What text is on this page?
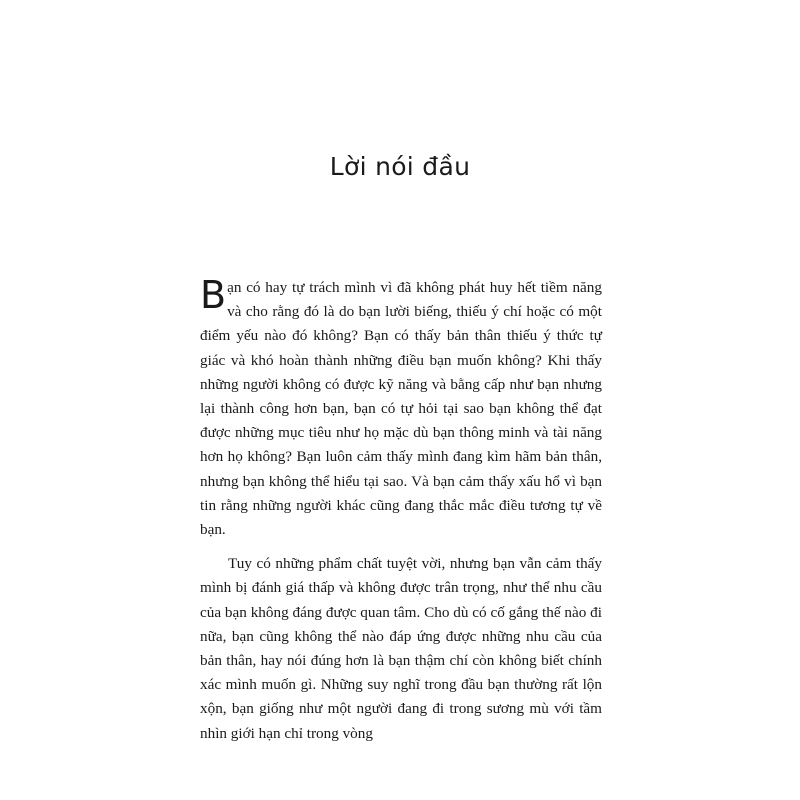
Lời nói đầu

Bạn có hay tự trách mình vì đã không phát huy hết tiềm năng và cho rằng đó là do bạn lười biếng, thiếu ý chí hoặc có một điểm yếu nào đó không? Bạn có thấy bản thân thiếu ý thức tự giác và khó hoàn thành những điều bạn muốn không? Khi thấy những người không có được kỹ năng và bằng cấp như bạn nhưng lại thành công hơn bạn, bạn có tự hỏi tại sao bạn không thể đạt được những mục tiêu như họ mặc dù bạn thông minh và tài năng hơn họ không? Bạn luôn cảm thấy mình đang kìm hãm bản thân, nhưng bạn không thể hiểu tại sao. Và bạn cảm thấy xấu hổ vì bạn tin rằng những người khác cũng đang thắc mắc điều tương tự về bạn.

Tuy có những phẩm chất tuyệt vời, nhưng bạn vẫn cảm thấy mình bị đánh giá thấp và không được trân trọng, như thể nhu cầu của bạn không đáng được quan tâm. Cho dù có cố gắng thế nào đi nữa, bạn cũng không thể nào đáp ứng được những nhu cầu của bản thân, hay nói đúng hơn là bạn thậm chí còn không biết chính xác mình muốn gì. Những suy nghĩ trong đầu bạn thường rất lộn xộn, bạn giống như một người đang đi trong sương mù với tầm nhìn giới hạn chỉ trong vòng
